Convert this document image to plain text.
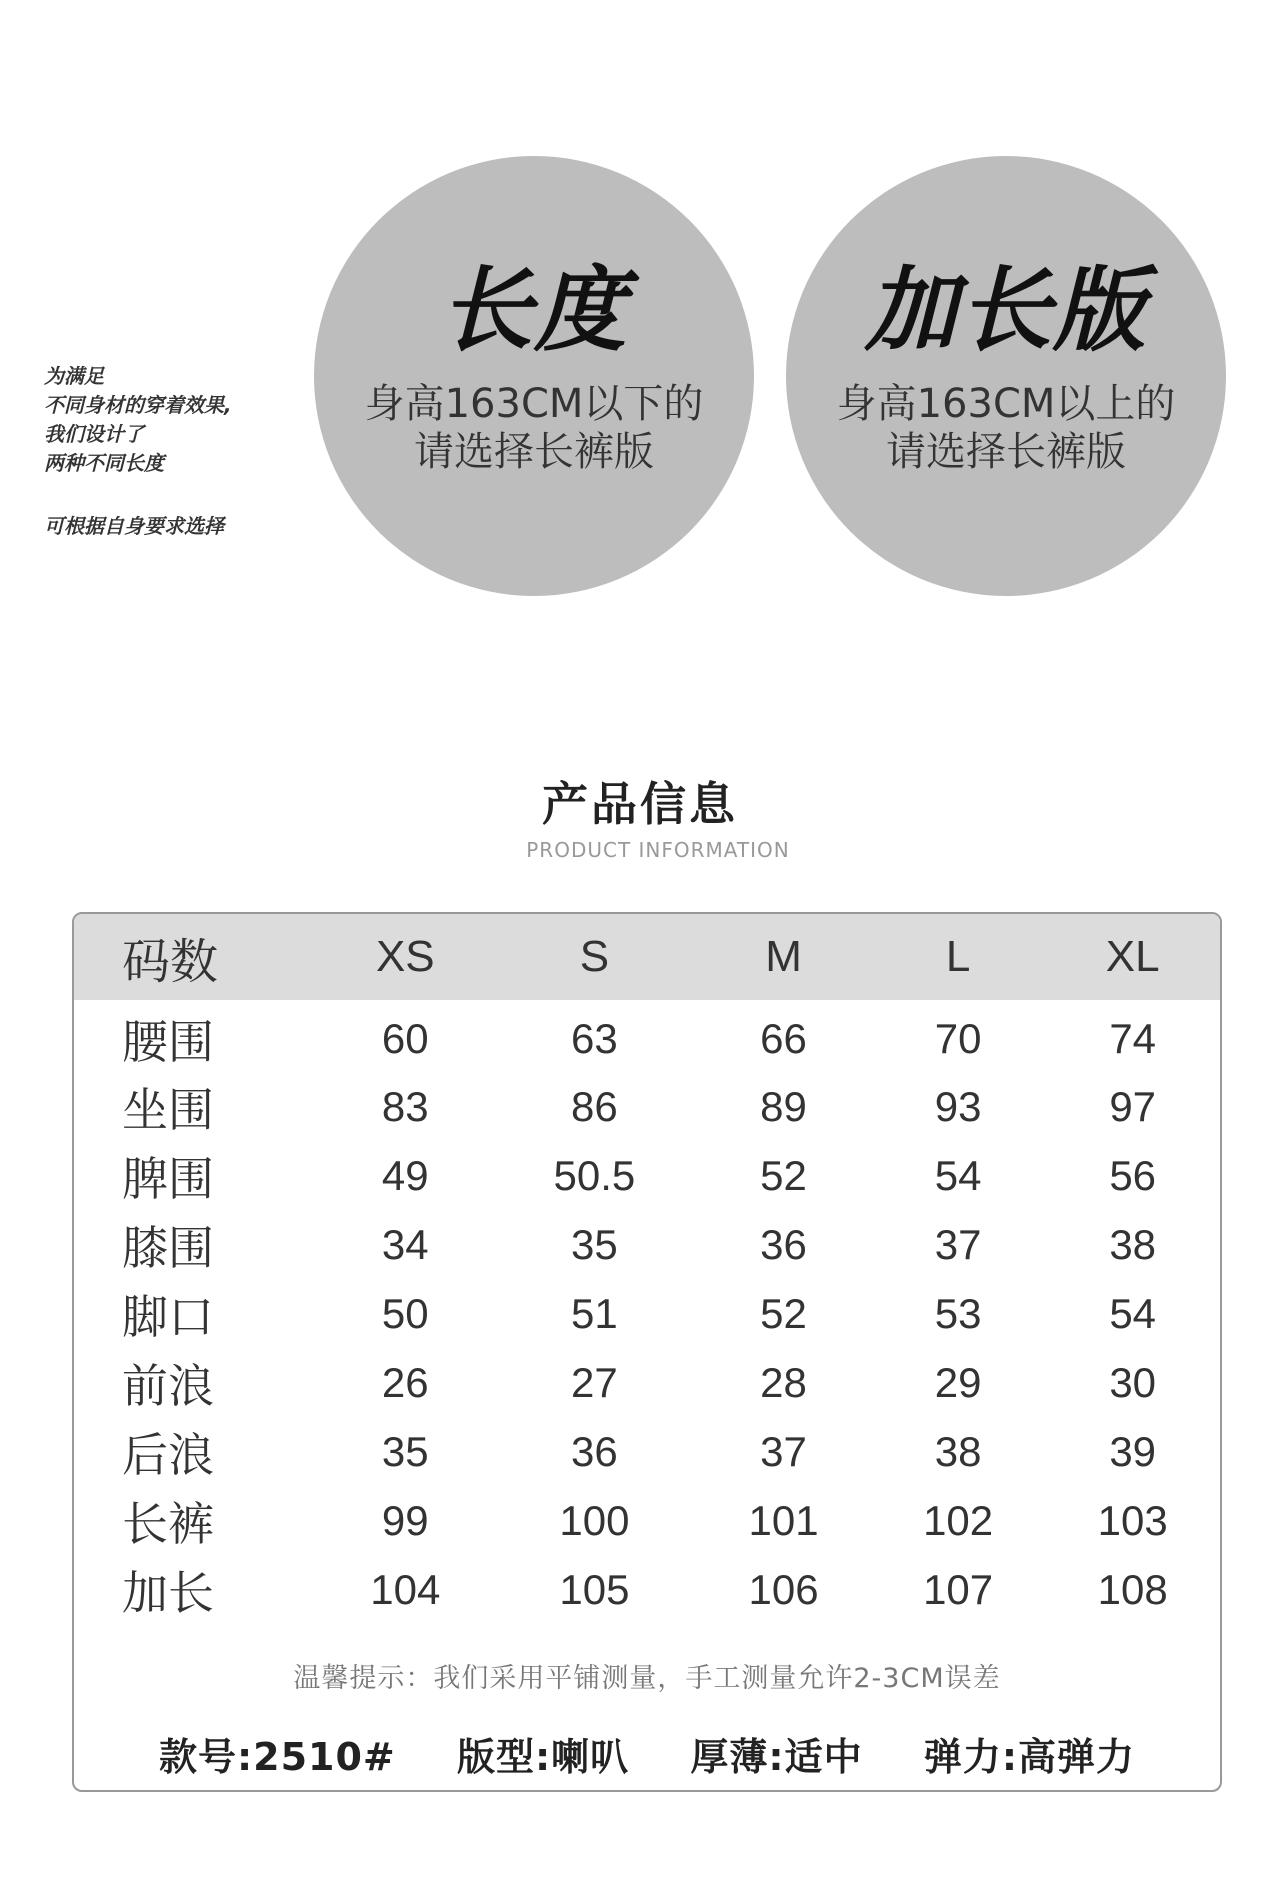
为满足
不同身材的穿着效果,
我们设计了
两种不同长度
可根据自身要求选择
长度
身高163CM以下的
请选择长裤版
加长版
身高163CM以上的
请选择长裤版
产品信息
PRODUCT INFORMATION
码数	XS	S	M	L	XL
腰围	60	63	66	70	74
坐围	83	86	89	93	97
脾围	49	50.5	52	54	56
膝围	34	35	36	37	38
脚口	50	51	52	53	54
前浪	26	27	28	29	30
后浪	35	36	37	38	39
长裤	99	100	101	102	103
加长	104	105	106	107	108
温馨提示：我们采用平铺测量，手工测量允许2-3CM误差
款号:2510# 版型:喇叭 厚薄:适中 弹力:高弹力
